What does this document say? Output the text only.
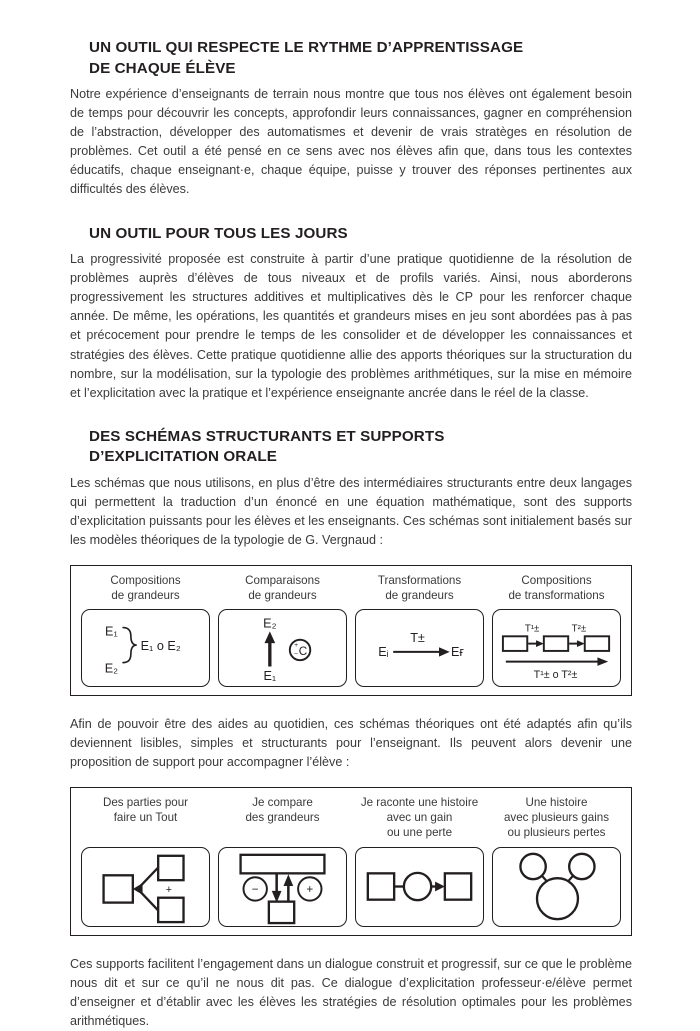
UN OUTIL QUI RESPECTE LE RYTHME D’APPRENTISSAGE
DE CHAQUE ÉLÈVE

Notre expérience d’enseignants de terrain nous montre que tous nos élèves ont également besoin de temps pour découvrir les concepts, approfondir leurs connaissances, gagner en compréhension de l’abstraction, développer des automatismes et devenir de vrais stratèges en résolution de problèmes. Cet outil a été pensé en ce sens avec nos élèves afin que, dans tous les contextes éducatifs, chaque enseignant·e, chaque équipe, puisse y trouver des réponses pertinentes aux difficultés des élèves.

UN OUTIL POUR TOUS LES JOURS

La progressivité proposée est construite à partir d’une pratique quotidienne de la résolution de problèmes auprès d’élèves de tous niveaux et de profils variés. Ainsi, nous aborderons progressivement les structures additives et multiplicatives dès le CP pour les renforcer chaque année. De même, les opérations, les quantités et grandeurs mises en jeu sont abordées pas à pas et précocement pour prendre le temps de les consolider et de développer les connaissances et stratégies des élèves. Cette pratique quotidienne allie des apports théoriques sur la structuration du nombre, sur la modélisation, sur la typologie des problèmes arithmétiques, sur la mise en mémoire et l’explicitation avec la pratique et l’expérience enseignante ancrée dans le réel de la classe.

DES SCHÉMAS STRUCTURANTS ET SUPPORTS
D’EXPLICITATION ORALE

Les schémas que nous utilisons, en plus d’être des intermédiaires structurants entre deux langages qui permettent la traduction d’un énoncé en une équation mathématique, sont des supports d’explicitation puissants pour les élèves et les enseignants. Ces schémas sont initialement basés sur les modèles théoriques de la typologie de G. Vergnaud :

Compositions
de grandeurs
E₁
E₂
E₁ o E₂
Comparaisons
de grandeurs
E₂
E₁
+
− C
Transformations
de grandeurs
T±
Eᵢ	Eғ
Compositions
de transformations
T¹±	T²±
T¹± o T²±

Afin de pouvoir être des aides au quotidien, ces schémas théoriques ont été adaptés afin qu’ils deviennent lisibles, simples et structurants pour l’enseignant. Ils peuvent alors devenir une proposition de support pour accompagner l’élève :

Des parties pour
faire un Tout
+
Je compare
des grandeurs
−	+
Je raconte une histoire
avec un gain
ou une perte
Une histoire
avec plusieurs gains
ou plusieurs pertes

Ces supports facilitent l’engagement dans un dialogue construit et progressif, sur ce que le problème nous dit et sur ce qu’il ne nous dit pas. Ce dialogue d’explicitation professeur·e/élève permet d’enseigner et d’établir avec les élèves les stratégies de résolution optimales pour les problèmes arithmétiques.
